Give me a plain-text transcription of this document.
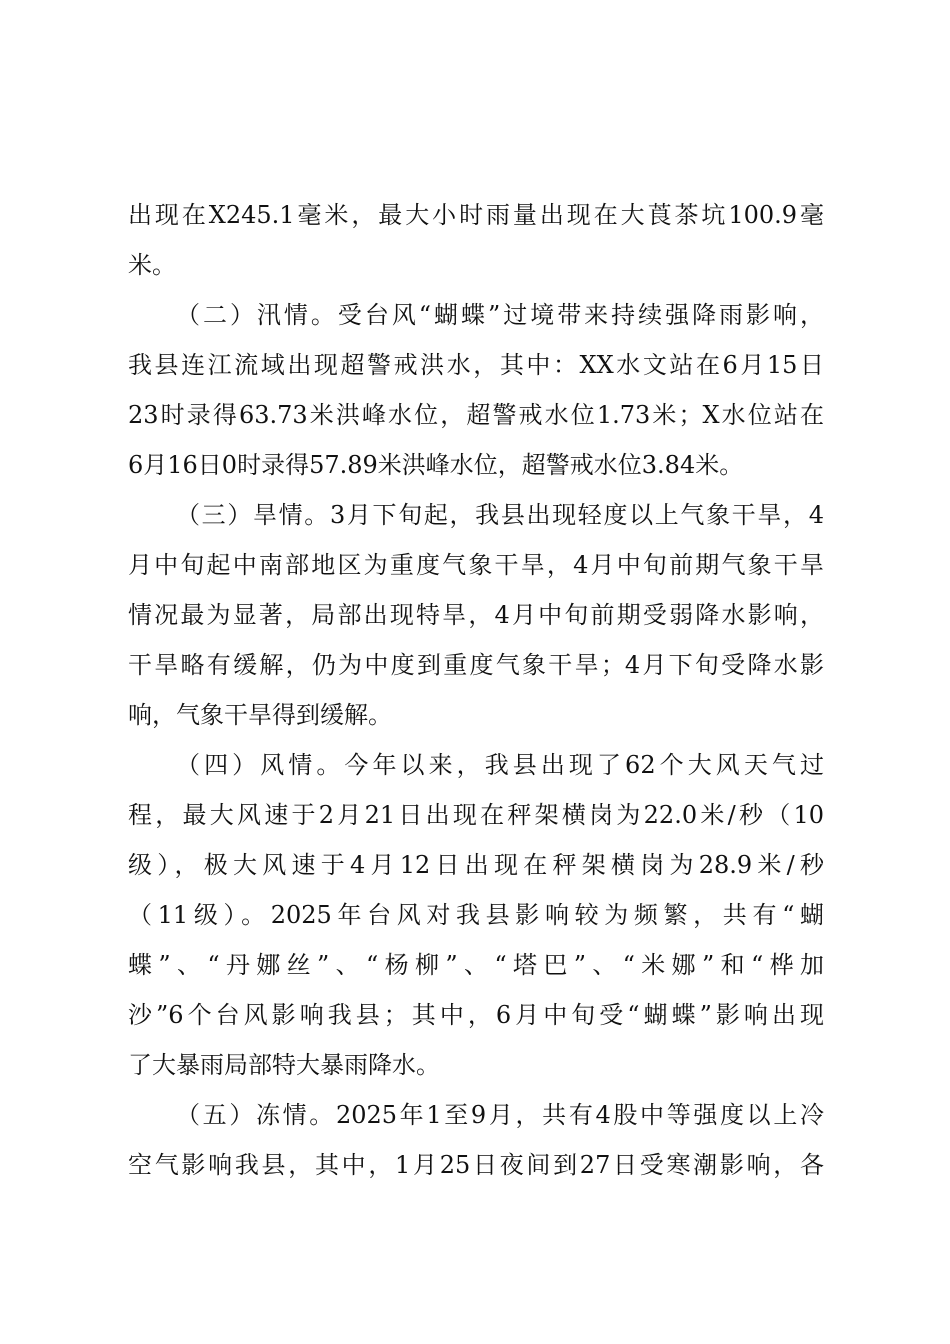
出现在X245.1毫米，最大小时雨量出现在大莨茶坑100.9毫
米。
（二）汛情。受台风“蝴蝶”过境带来持续强降雨影响，
我县连江流域出现超警戒洪水，其中：XX水文站在6月15日
23时录得63.73米洪峰水位，超警戒水位1.73米；X水位站在
6月16日0时录得57.89米洪峰水位，超警戒水位3.84米。
（三）旱情。3月下旬起，我县出现轻度以上气象干旱，4
月中旬起中南部地区为重度气象干旱，4月中旬前期气象干旱
情况最为显著，局部出现特旱，4月中旬前期受弱降水影响，
干旱略有缓解，仍为中度到重度气象干旱；4月下旬受降水影
响，气象干旱得到缓解。
（四）风情。今年以来，我县出现了62个大风天气过
程，最大风速于2月21日出现在秤架横岗为22.0米/秒（10
级），极大风速于4月12日出现在秤架横岗为28.9米/秒
（11级）。2025年台风对我县影响较为频繁，共有“蝴
蝶”、“丹娜丝”、“杨柳”、“塔巴”、“米娜”和“桦加
沙”6个台风影响我县；其中，6月中旬受“蝴蝶”影响出现
了大暴雨局部特大暴雨降水。
（五）冻情。2025年1至9月，共有4股中等强度以上冷
空气影响我县，其中，1月25日夜间到27日受寒潮影响，各
